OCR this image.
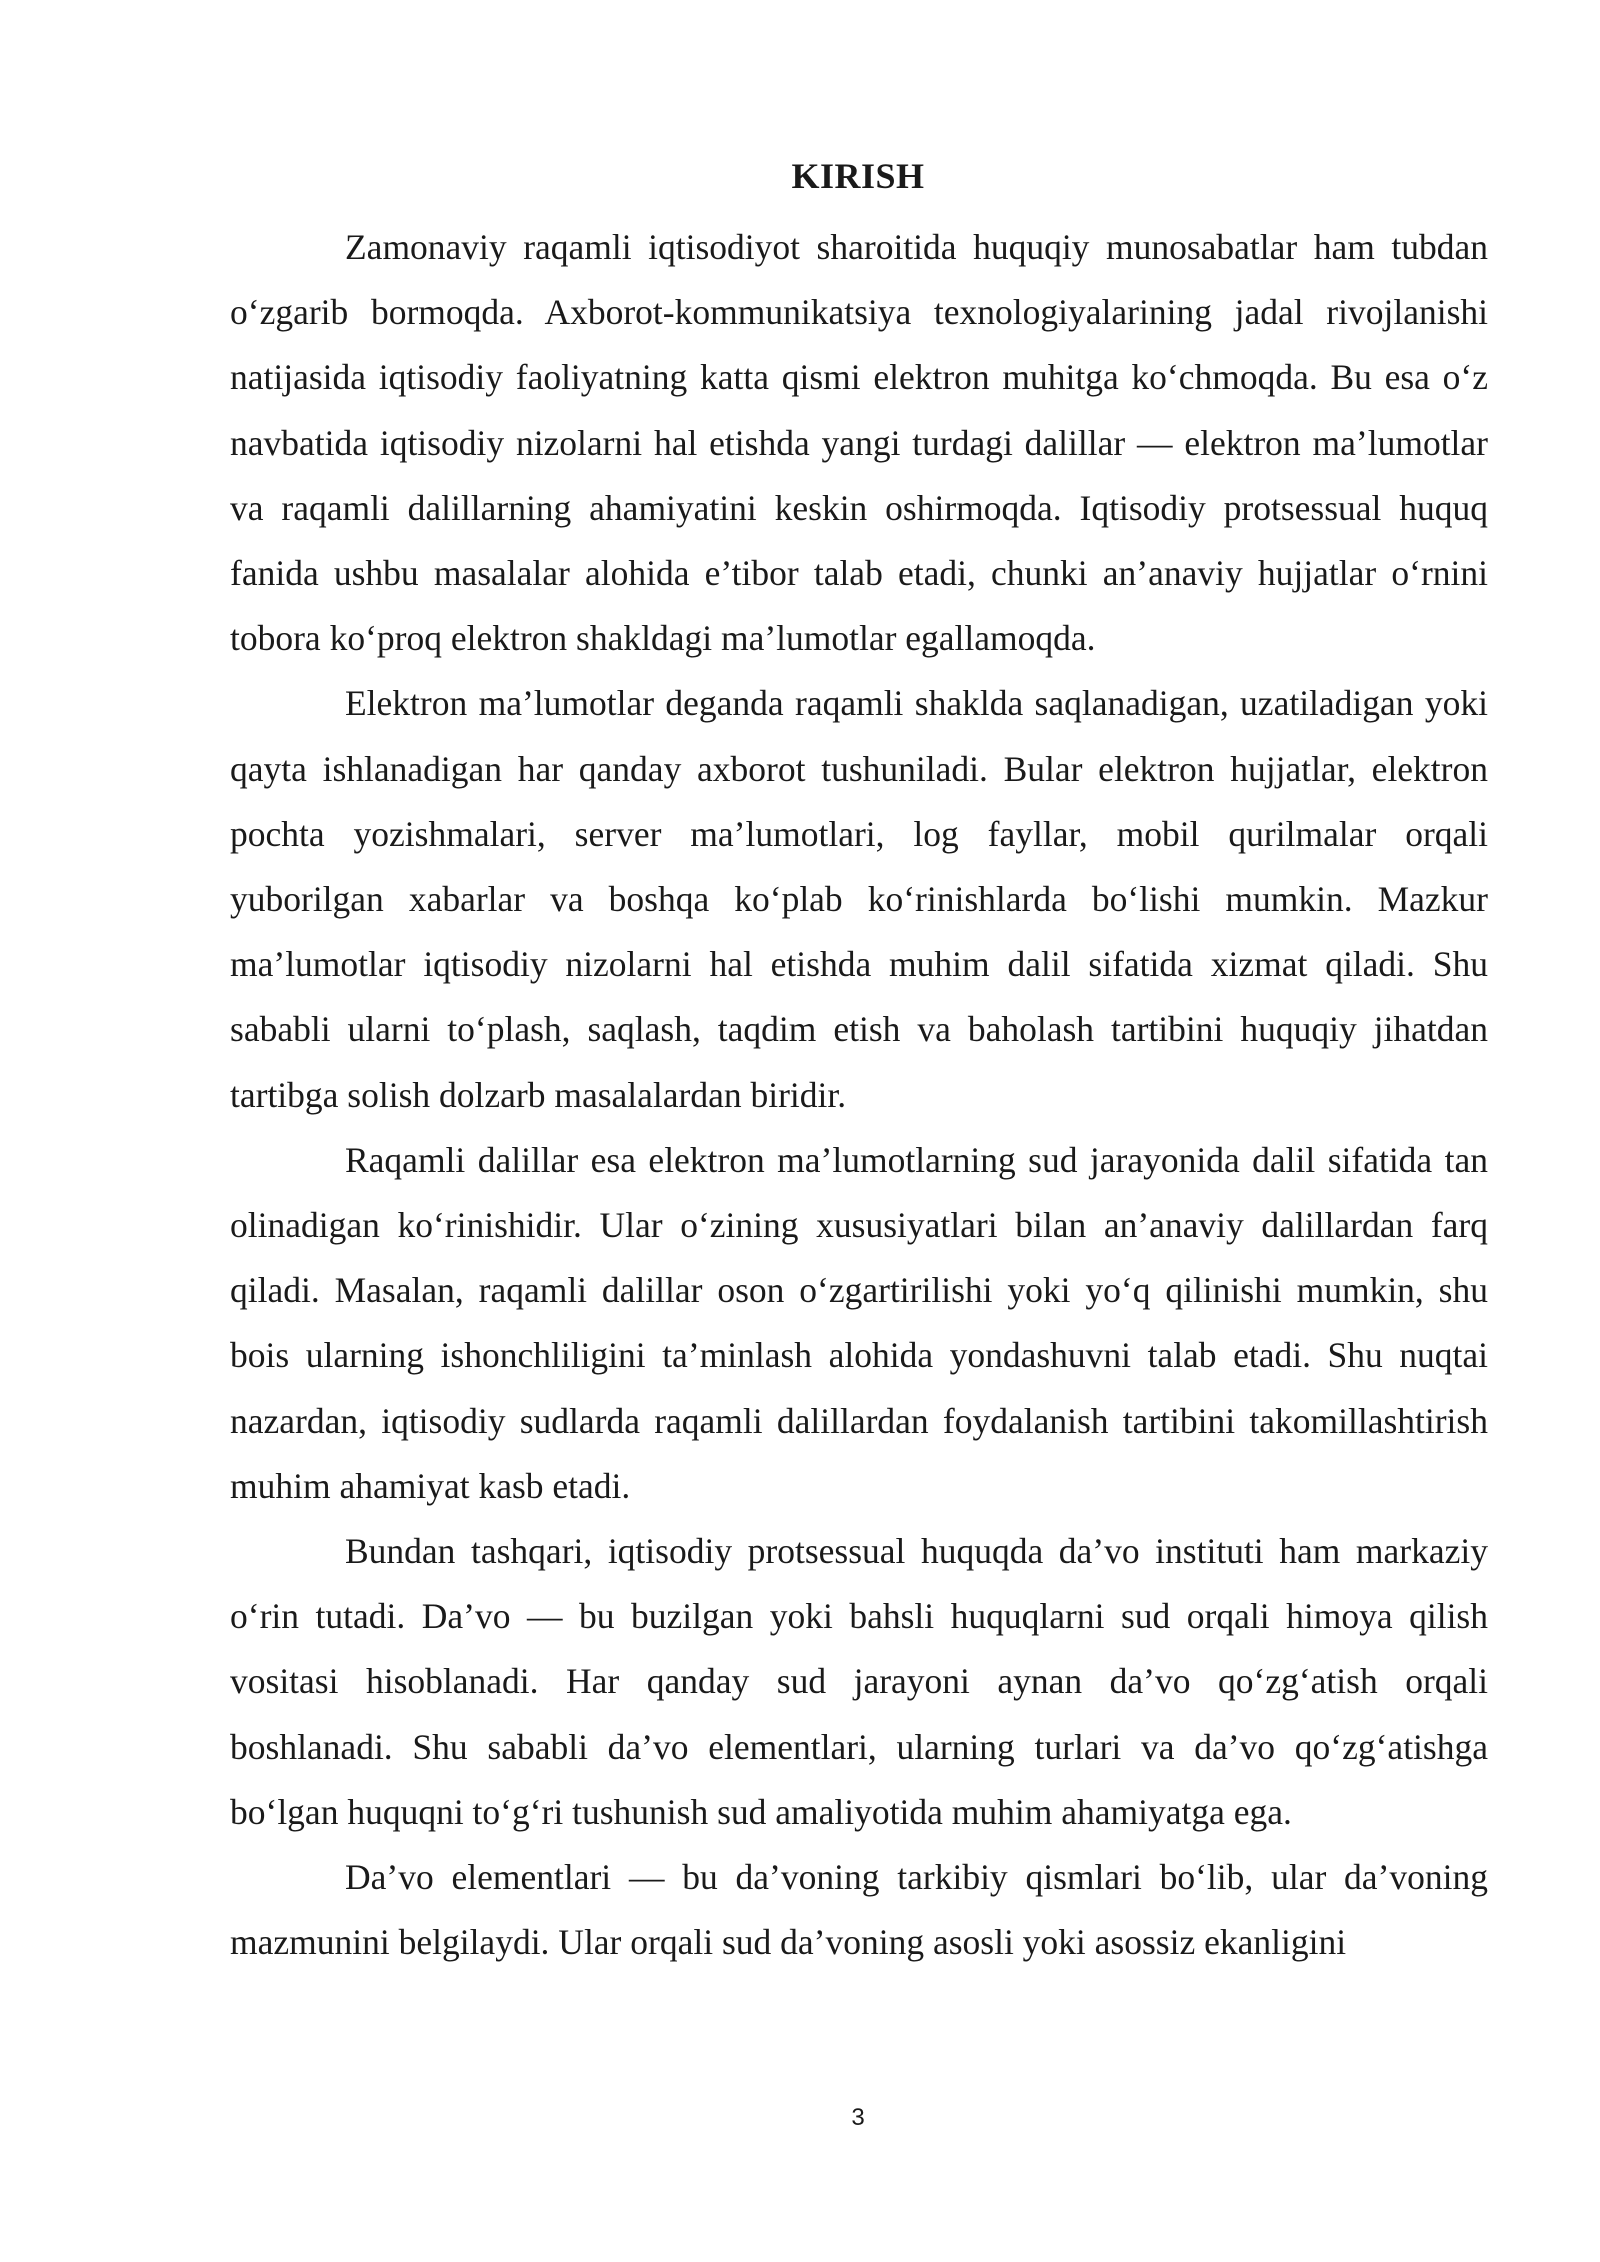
KIRISH

Zamonaviy raqamli iqtisodiyot sharoitida huquqiy munosabatlar ham tubdan o‘zgarib bormoqda. Axborot-kommunikatsiya texnologiyalarining jadal rivojlanishi natijasida iqtisodiy faoliyatning katta qismi elektron muhitga ko‘chmoqda. Bu esa o‘z navbatida iqtisodiy nizolarni hal etishda yangi turdagi dalillar — elektron ma’lumotlar va raqamli dalillarning ahamiyatini keskin oshirmoqda. Iqtisodiy protsessual huquq fanida ushbu masalalar alohida e’tibor talab etadi, chunki an’anaviy hujjatlar o‘rnini tobora ko‘proq elektron shakldagi ma’lumotlar egallamoqda.

Elektron ma’lumotlar deganda raqamli shaklda saqlanadigan, uzatiladigan yoki qayta ishlanadigan har qanday axborot tushuniladi. Bular elektron hujjatlar, elektron pochta yozishmalari, server ma’lumotlari, log fayllar, mobil qurilmalar orqali yuborilgan xabarlar va boshqa ko‘plab ko‘rinishlarda bo‘lishi mumkin. Mazkur ma’lumotlar iqtisodiy nizolarni hal etishda muhim dalil sifatida xizmat qiladi. Shu sababli ularni to‘plash, saqlash, taqdim etish va baholash tartibini huquqiy jihatdan tartibga solish dolzarb masalalardan biridir.

Raqamli dalillar esa elektron ma’lumotlarning sud jarayonida dalil sifatida tan olinadigan ko‘rinishidir. Ular o‘zining xususiyatlari bilan an’anaviy dalillardan farq qiladi. Masalan, raqamli dalillar oson o‘zgartirilishi yoki yo‘q qilinishi mumkin, shu bois ularning ishonchliligini ta’minlash alohida yondashuvni talab etadi. Shu nuqtai nazardan, iqtisodiy sudlarda raqamli dalillardan foydalanish tartibini takomillashtirish muhim ahamiyat kasb etadi.

Bundan tashqari, iqtisodiy protsessual huquqda da’vo instituti ham markaziy o‘rin tutadi. Da’vo — bu buzilgan yoki bahsli huquqlarni sud orqali himoya qilish vositasi hisoblanadi. Har qanday sud jarayoni aynan da’vo qo‘zg‘atish orqali boshlanadi. Shu sababli da’vo elementlari, ularning turlari va da’vo qo‘zg‘atishga bo‘lgan huquqni to‘g‘ri tushunish sud amaliyotida muhim ahamiyatga ega.

Da’vo elementlari — bu da’voning tarkibiy qismlari bo‘lib, ular da’voning mazmunini belgilaydi. Ular orqali sud da’voning asosli yoki asossiz ekanligini

3
